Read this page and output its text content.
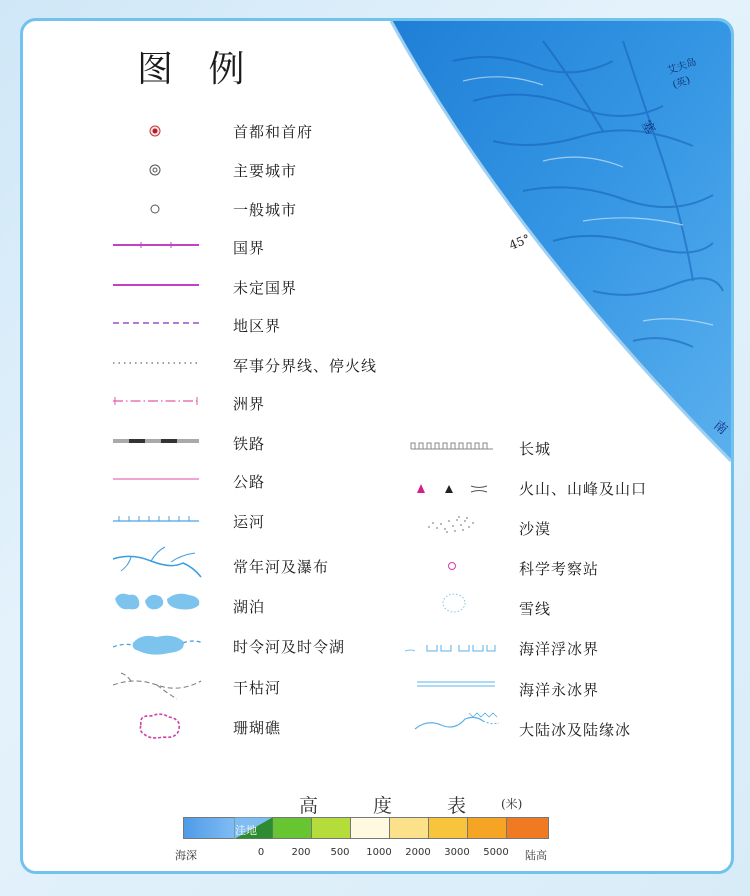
45°
艾夫岛
(英)
塞
南
图 例
首都和首府
主要城市
一般城市
国界
未定国界
地区界
军事分界线、停火线
洲界
铁路
公路
运河
常年河及瀑布
湖泊
时令河及时令湖
干枯河
珊瑚礁
长城
火山、山峰及山口
沙漠
科学考察站
雪线
海洋浮冰界
海洋永冰界
大陆冰及陆缘冰
高	度	表	(米)
洼地
海深	0	200 500 1000 2000 3000 5000 陆高
